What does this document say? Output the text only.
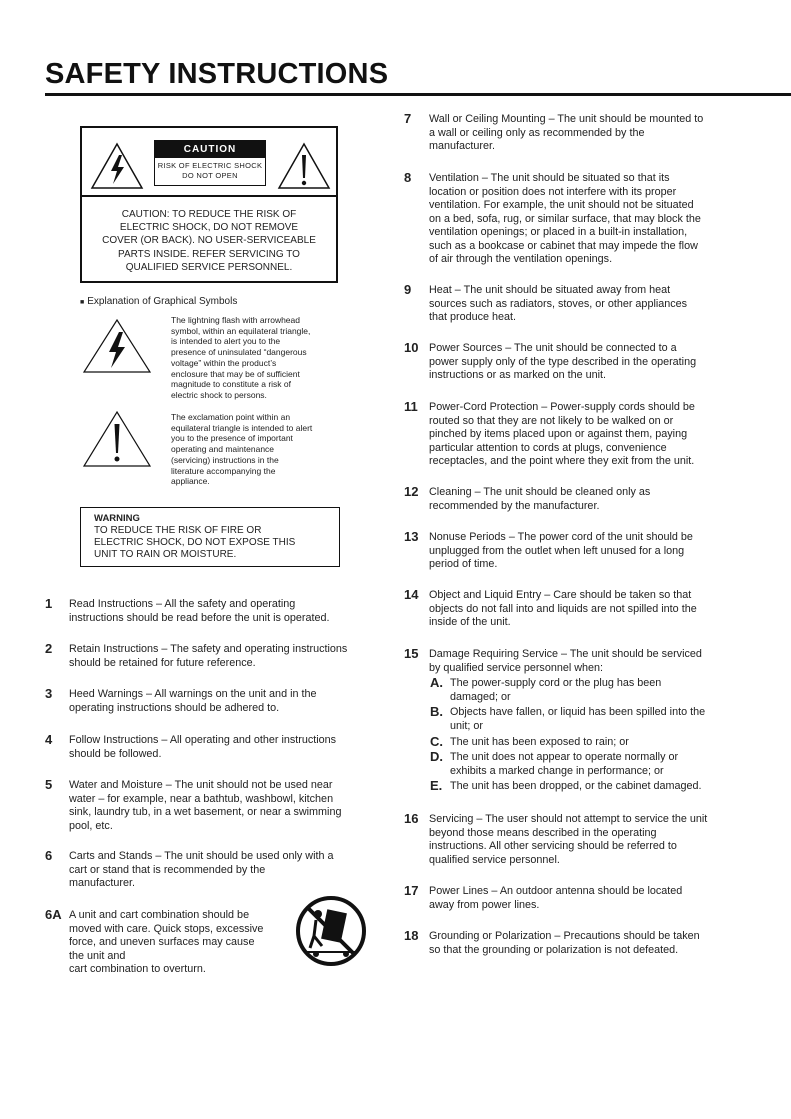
SAFETY INSTRUCTIONS
CAUTION
RISK OF ELECTRIC SHOCK
DO NOT OPEN
CAUTION: TO REDUCE THE RISK OF
ELECTRIC SHOCK, DO NOT REMOVE
COVER (OR BACK). NO USER-SERVICEABLE
PARTS INSIDE. REFER SERVICING TO
QUALIFIED SERVICE PERSONNEL.
■ Explanation of Graphical Symbols
The lightning flash with arrowhead
symbol, within an equilateral triangle,
is intended to alert you to the
presence of uninsulated “dangerous
voltage” within the product’s
enclosure that may be of sufficient
magnitude to constitute a risk of
electric shock to persons.
The exclamation point within an
equilateral triangle is intended to alert
you to the presence of important
operating and maintenance
(servicing) instructions in the
literature accompanying the
appliance.
WARNING
TO REDUCE THE RISK OF FIRE OR
ELECTRIC SHOCK, DO NOT EXPOSE THIS
UNIT TO RAIN OR MOISTURE.
1 Read Instructions – All the safety and operating
instructions should be read before the unit is operated.
2 Retain Instructions – The safety and operating instructions
should be retained for future reference.
3 Heed Warnings – All warnings on the unit and in the
operating instructions should be adhered to.
4 Follow Instructions – All operating and other instructions
should be followed.
5 Water and Moisture – The unit should not be used near
water – for example, near a bathtub, washbowl, kitchen
sink, laundry tub, in a wet basement, or near a swimming
pool, etc.
6 Carts and Stands – The unit should be used only with a
cart or stand that is recommended by the
manufacturer.
6A A unit and cart combination should be
moved with care. Quick stops, excessive
force, and uneven surfaces may cause
the unit and
cart combination to overturn.
7 Wall or Ceiling Mounting – The unit should be mounted to
a wall or ceiling only as recommended by the
manufacturer.
8 Ventilation – The unit should be situated so that its
location or position does not interfere with its proper
ventilation. For example, the unit should not be situated
on a bed, sofa, rug, or similar surface, that may block the
ventilation openings; or placed in a built-in installation,
such as a bookcase or cabinet that may impede the flow
of air through the ventilation openings.
9 Heat – The unit should be situated away from heat
sources such as radiators, stoves, or other appliances
that produce heat.
10 Power Sources – The unit should be connected to a
power supply only of the type described in the operating
instructions or as marked on the unit.
11 Power-Cord Protection – Power-supply cords should be
routed so that they are not likely to be walked on or
pinched by items placed upon or against them, paying
particular attention to cords at plugs, convenience
receptacles, and the point where they exit from the unit.
12 Cleaning – The unit should be cleaned only as
recommended by the manufacturer.
13 Nonuse Periods – The power cord of the unit should be
unplugged from the outlet when left unused for a long
period of time.
14 Object and Liquid Entry – Care should be taken so that
objects do not fall into and liquids are not spilled into the
inside of the unit.
15 Damage Requiring Service – The unit should be serviced
by qualified service personnel when:
16 Servicing – The user should not attempt to service the unit
beyond those means described in the operating
instructions. All other servicing should be referred to
qualified service personnel.
17 Power Lines – An outdoor antenna should be located
away from power lines.
18 Grounding or Polarization – Precautions should be taken
so that the grounding or polarization is not defeated.
A. The power-supply cord or the plug has been
damaged; or
B. Objects have fallen, or liquid has been spilled into the
unit; or
C. The unit has been exposed to rain; or
D. The unit does not appear to operate normally or
exhibits a marked change in performance; or
E. The unit has been dropped, or the cabinet damaged.
